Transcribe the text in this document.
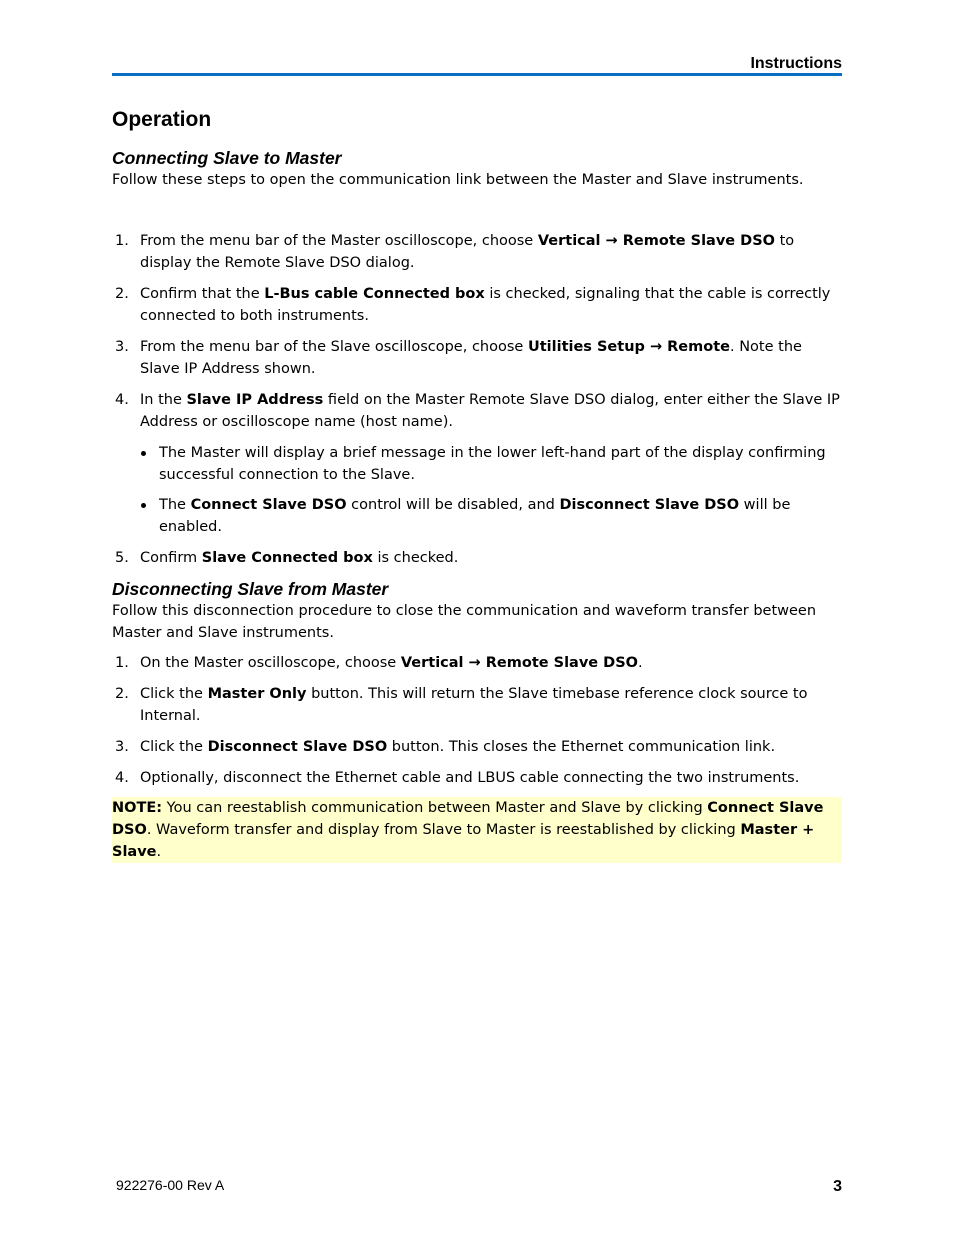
Instructions
Operation
Connecting Slave to Master

Follow these steps to open the communication link between the Master and Slave instruments.

1. From the menu bar of the Master oscilloscope, choose Vertical → Remote Slave DSO to display the Remote Slave DSO dialog.
2. Confirm that the L-Bus cable Connected box is checked, signaling that the cable is correctly connected to both instruments.
3. From the menu bar of the Slave oscilloscope, choose Utilities Setup → Remote. Note the Slave IP Address shown.
4. In the Slave IP Address field on the Master Remote Slave DSO dialog, enter either the Slave IP Address or oscilloscope name (host name).
The Master will display a brief message in the lower left-hand part of the display confirming successful connection to the Slave.
The Connect Slave DSO control will be disabled, and Disconnect Slave DSO will be enabled.
5. Confirm Slave Connected box is checked.
Disconnecting Slave from Master

Follow this disconnection procedure to close the communication and waveform transfer between Master and Slave instruments.

1. On the Master oscilloscope, choose Vertical → Remote Slave DSO.
2. Click the Master Only button. This will return the Slave timebase reference clock source to Internal.
3. Click the Disconnect Slave DSO button. This closes the Ethernet communication link.
4. Optionally, disconnect the Ethernet cable and LBUS cable connecting the two instruments.
NOTE: You can reestablish communication between Master and Slave by clicking Connect Slave DSO. Waveform transfer and display from Slave to Master is reestablished by clicking Master + Slave.
922276-00 Rev A	3
